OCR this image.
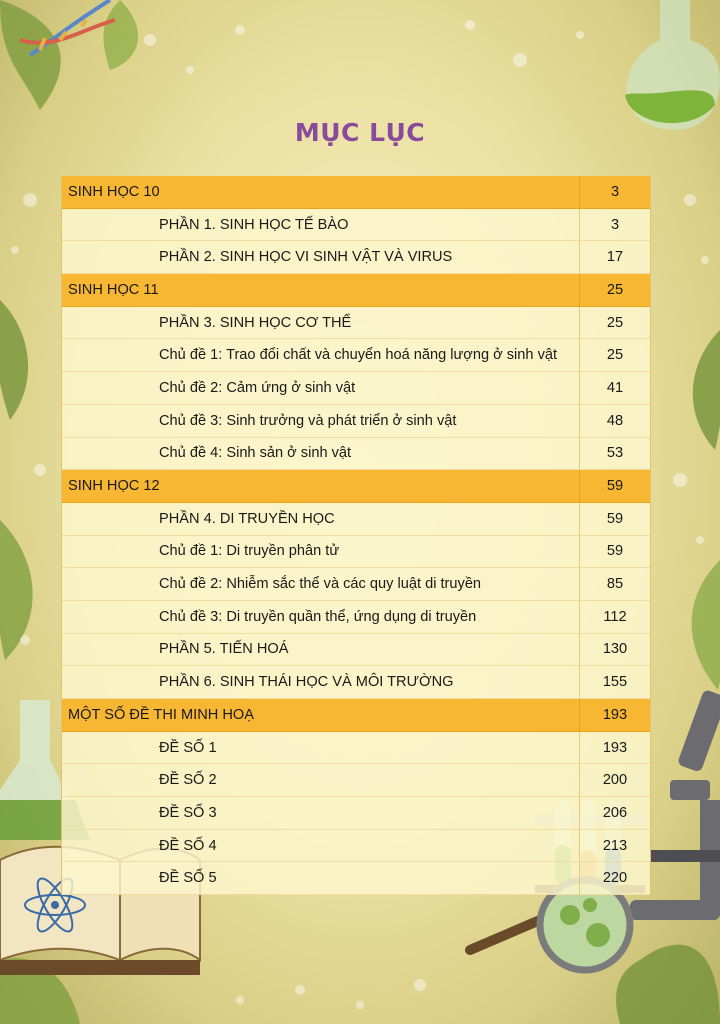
MỤC LỤC
SINH HỌC 10	3
PHẦN 1. SINH HỌC TẾ BÀO	3
PHẦN 2. SINH HỌC VI SINH VẬT VÀ VIRUS	17
SINH HỌC 11	25
PHẦN 3. SINH HỌC CƠ THỂ	25
Chủ đề 1: Trao đổi chất và chuyển hoá năng lượng ở sinh vật	25
Chủ đề 2: Cảm ứng ở sinh vật	41
Chủ đề 3: Sinh trưởng và phát triển ở sinh vật	48
Chủ đề 4: Sinh sản ở sinh vật	53
SINH HỌC 12	59
PHẦN 4. DI TRUYỀN HỌC	59
Chủ đề 1: Di truyền phân tử	59
Chủ đề 2: Nhiễm sắc thể và các quy luật di truyền	85
Chủ đề 3: Di truyền quần thể, ứng dụng di truyền	112
PHẦN 5. TIẾN HOÁ	130
PHẦN 6. SINH THÁI HỌC VÀ MÔI TRƯỜNG	155
MỘT SỐ ĐỀ THI MINH HOẠ	193
ĐỀ SỐ 1	193
ĐỀ SỐ 2	200
ĐỀ SỐ 3	206
ĐỀ SỐ 4	213
ĐỀ SỐ 5	220
